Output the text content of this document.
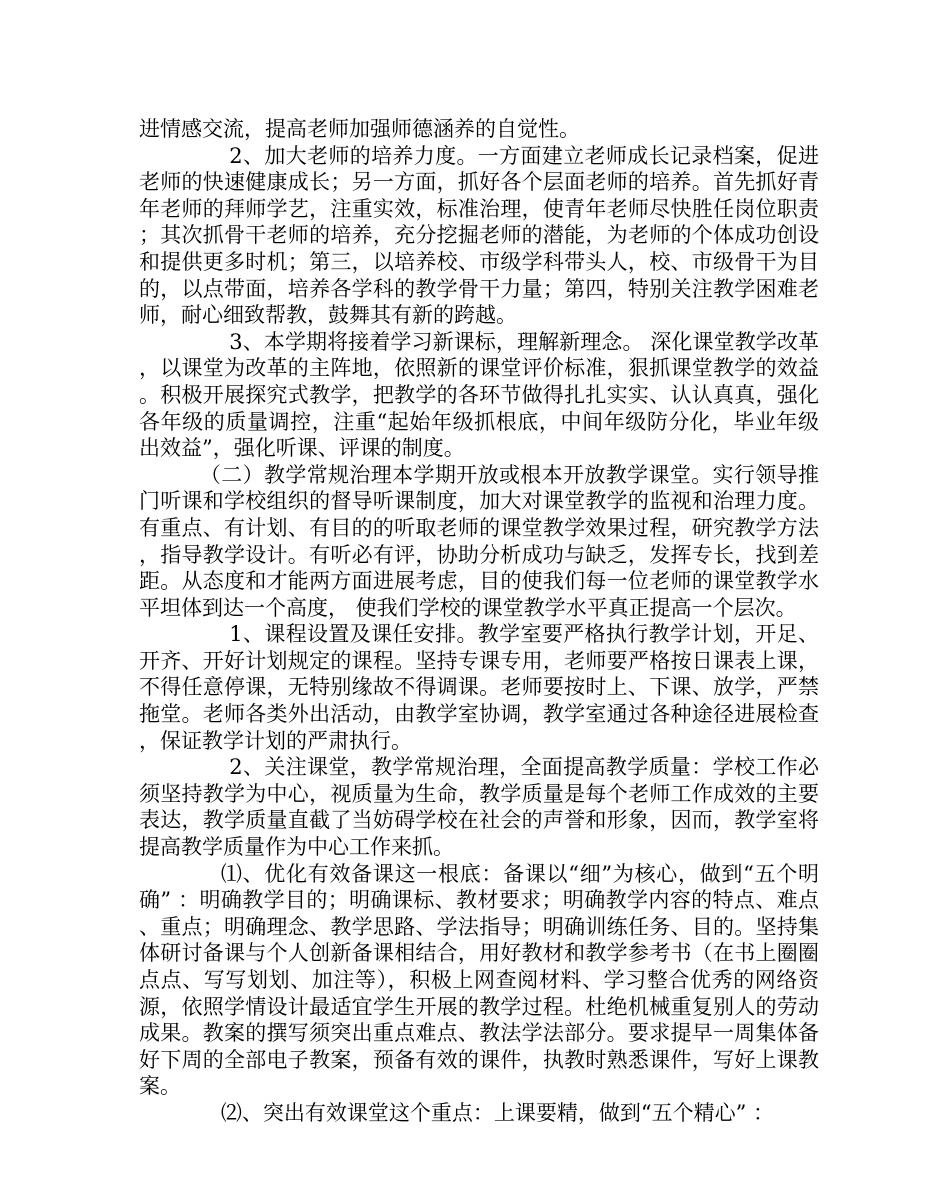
进情感交流，提高老师加强师德涵养的自觉性。

2、加大老师的培养力度。一方面建立老师成长记录档案，促进老师的快速健康成长；另一方面，抓好各个层面老师的培养。首先抓好青年老师的拜师学艺，注重实效，标准治理，使青年老师尽快胜任岗位职责；其次抓骨干老师的培养，充分挖掘老师的潜能，为老师的个体成功创设和提供更多时机；第三，以培养校、市级学科带头人，校、市级骨干为目的，以点带面，培养各学科的教学骨干力量；第四，特别关注教学困难老师，耐心细致帮教，鼓舞其有新的跨越。

3、本学期将接着学习新课标，理解新理念。 深化课堂教学改革，以课堂为改革的主阵地，依照新的课堂评价标准，狠抓课堂教学的效益。积极开展探究式教学，把教学的各环节做得扎扎实实、认认真真，强化各年级的质量调控，注重“起始年级抓根底，中间年级防分化，毕业年级出效益”，强化听课、评课的制度。

（二）教学常规治理本学期开放或根本开放教学课堂。实行领导推门听课和学校组织的督导听课制度，加大对课堂教学的监视和治理力度。有重点、有计划、有目的的听取老师的课堂教学效果过程，研究教学方法，指导教学设计。有听必有评，协助分析成功与缺乏，发挥专长，找到差距。从态度和才能两方面进展考虑，目的使我们每一位老师的课堂教学水平坦体到达一个高度， 使我们学校的课堂教学水平真正提高一个层次。

1、课程设置及课任安排。教学室要严格执行教学计划，开足、开齐、开好计划规定的课程。坚持专课专用，老师要严格按日课表上课，不得任意停课，无特别缘故不得调课。老师要按时上、下课、放学，严禁拖堂。老师各类外出活动，由教学室协调，教学室通过各种途径进展检查，保证教学计划的严肃执行。

2、关注课堂，教学常规治理，全面提高教学质量：学校工作必须坚持教学为中心，视质量为生命，教学质量是每个老师工作成效的主要表达，教学质量直截了当妨碍学校在社会的声誉和形象，因而，教学室将提高教学质量作为中心工作来抓。

⑴、优化有效备课这一根底：备课以“细”为核心，做到“五个明确” ：明确教学目的；明确课标、教材要求；明确教学内容的特点、难点、重点；明确理念、教学思路、学法指导；明确训练任务、目的。坚持集体研讨备课与个人创新备课相结合，用好教材和教学参考书（在书上圈圈点点、写写划划、加注等），积极上网查阅材料、学习整合优秀的网络资源，依照学情设计最适宜学生开展的教学过程。杜绝机械重复别人的劳动成果。教案的撰写须突出重点难点、教法学法部分。要求提早一周集体备好下周的全部电子教案，预备有效的课件，执教时熟悉课件，写好上课教案。

⑵、突出有效课堂这个重点：上课要精，做到“五个精心” ：
